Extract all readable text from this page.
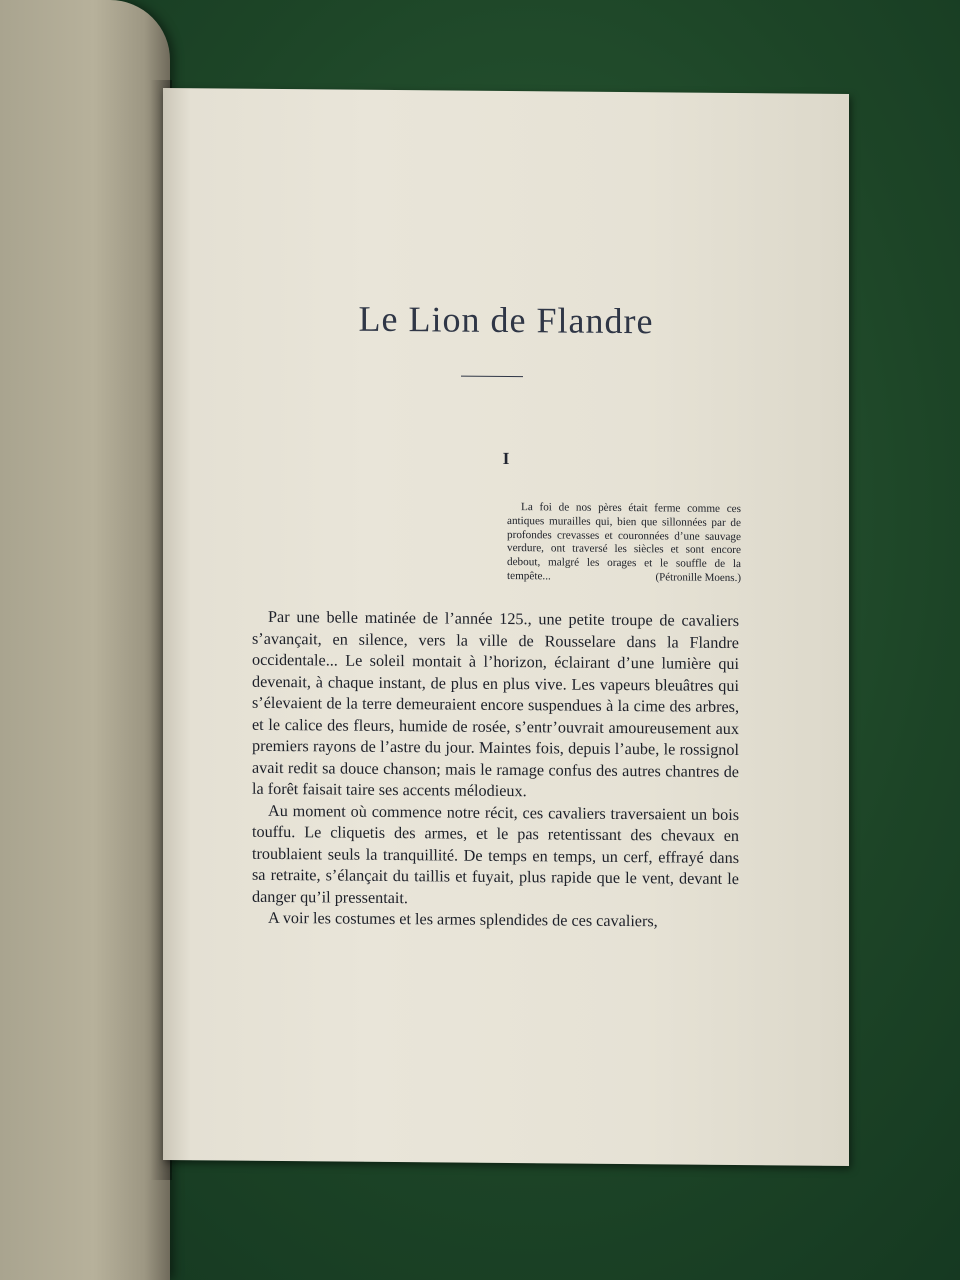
Le Lion de Flandre
I
La foi de nos pères était ferme comme ces antiques murailles qui, bien que sillonnées par de profondes crevasses et couronnées d’une sauvage verdure, ont traversé les siècles et sont encore debout, malgré les orages et le souffle de la tempête...	(Pétronille Moens.)

Par une belle matinée de l’année 125., une petite troupe de cavaliers s’avançait, en silence, vers la ville de Rousselare dans la Flandre occidentale... Le soleil montait à l’horizon, éclairant d’une lumière qui devenait, à chaque instant, de plus en plus vive. Les vapeurs bleuâtres qui s’élevaient de la terre demeuraient encore suspendues à la cime des arbres, et le calice des fleurs, humide de rosée, s’entr’ouvrait amoureusement aux premiers rayons de l’astre du jour. Maintes fois, depuis l’aube, le rossignol avait redit sa douce chanson; mais le ramage confus des autres chantres de la forêt faisait taire ses accents mélodieux.

Au moment où commence notre récit, ces cavaliers traversaient un bois touffu. Le cliquetis des armes, et le pas retentissant des chevaux en troublaient seuls la tranquillité. De temps en temps, un cerf, effrayé dans sa retraite, s’élançait du taillis et fuyait, plus rapide que le vent, devant le danger qu’il pressentait.

A voir les costumes et les armes splendides de ces cavaliers,
